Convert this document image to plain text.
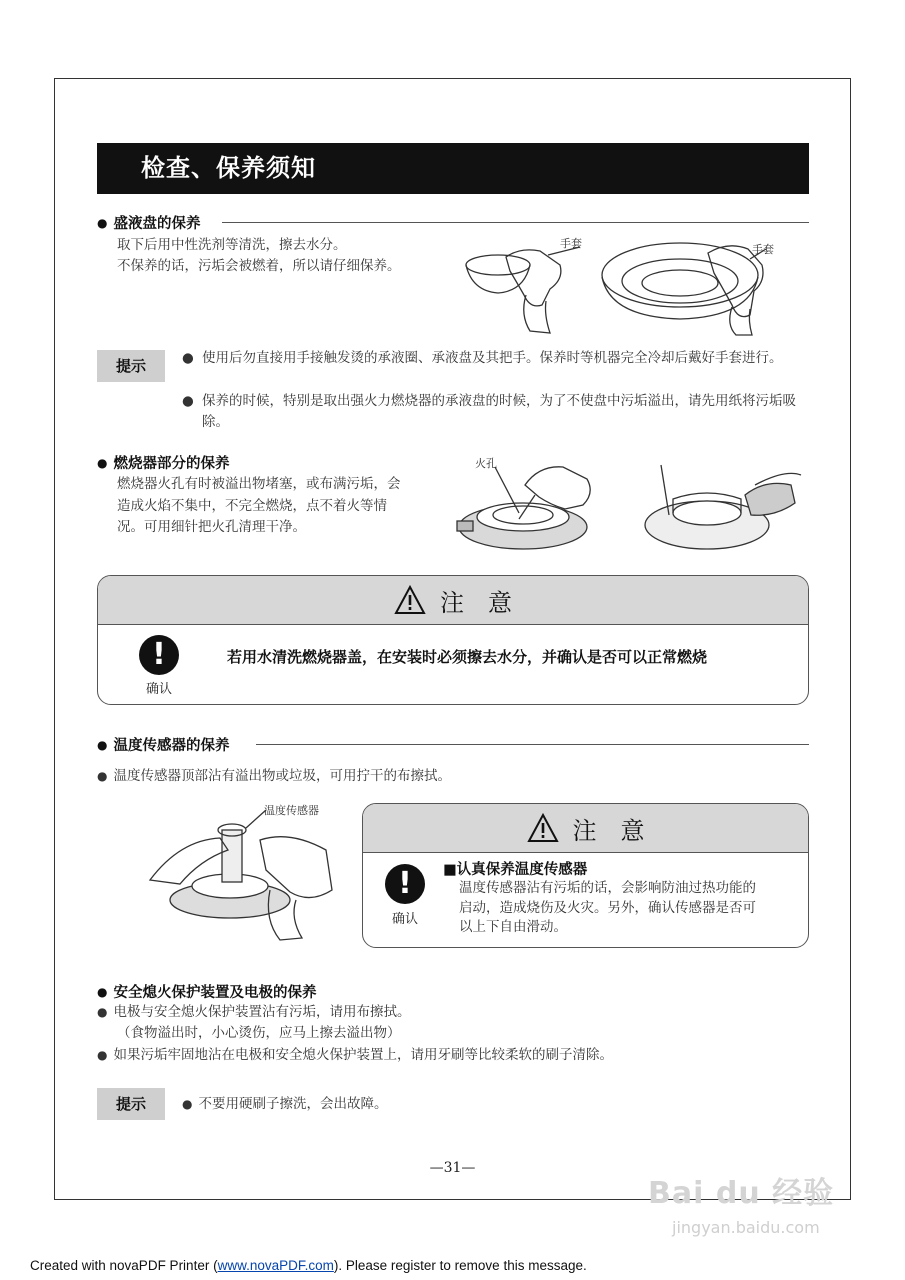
检查、保养须知
● 盛液盘的保养
取下后用中性洗剂等清洗，擦去水分。
不保养的话，污垢会被燃着，所以请仔细保养。
手套	手套
提示	● 使用后勿直接用手接触发烫的承液圈、承液盘及其把手。保养时等机器完全冷却后戴好手套进行。
● 保养的时候，特别是取出强火力燃烧器的承液盘的时候，为了不使盘中污垢溢出，请先用纸将污垢吸除。
● 燃烧器部分的保养
燃烧器火孔有时被溢出物堵塞，或布满污垢，会
造成火焰不集中，不完全燃烧，点不着火等情
况。可用细针把火孔清理干净。
火孔
注　意
!
确认
若用水清洗燃烧器盖，在安装时必须擦去水分，并确认是否可以正常燃烧
● 温度传感器的保养
● 温度传感器顶部沾有溢出物或垃圾，可用拧干的布擦拭。
温度传感器
注　意
!
确认
■认真保养温度传感器
温度传感器沾有污垢的话，会影响防油过热功能的
启动，造成烧伤及火灾。另外，确认传感器是否可
以上下自由滑动。
● 安全熄火保护装置及电极的保养
● 电极与安全熄火保护装置沾有污垢，请用布擦拭。
（食物溢出时，小心烫伤，应马上擦去溢出物）
● 如果污垢牢固地沾在电极和安全熄火保护装置上，请用牙刷等比较柔软的刷子清除。
提示	● 不要用硬刷子擦洗，会出故障。
—31—
Bai du 经验
jingyan.baidu.com
Created with novaPDF Printer (www.novaPDF.com). Please register to remove this message.
